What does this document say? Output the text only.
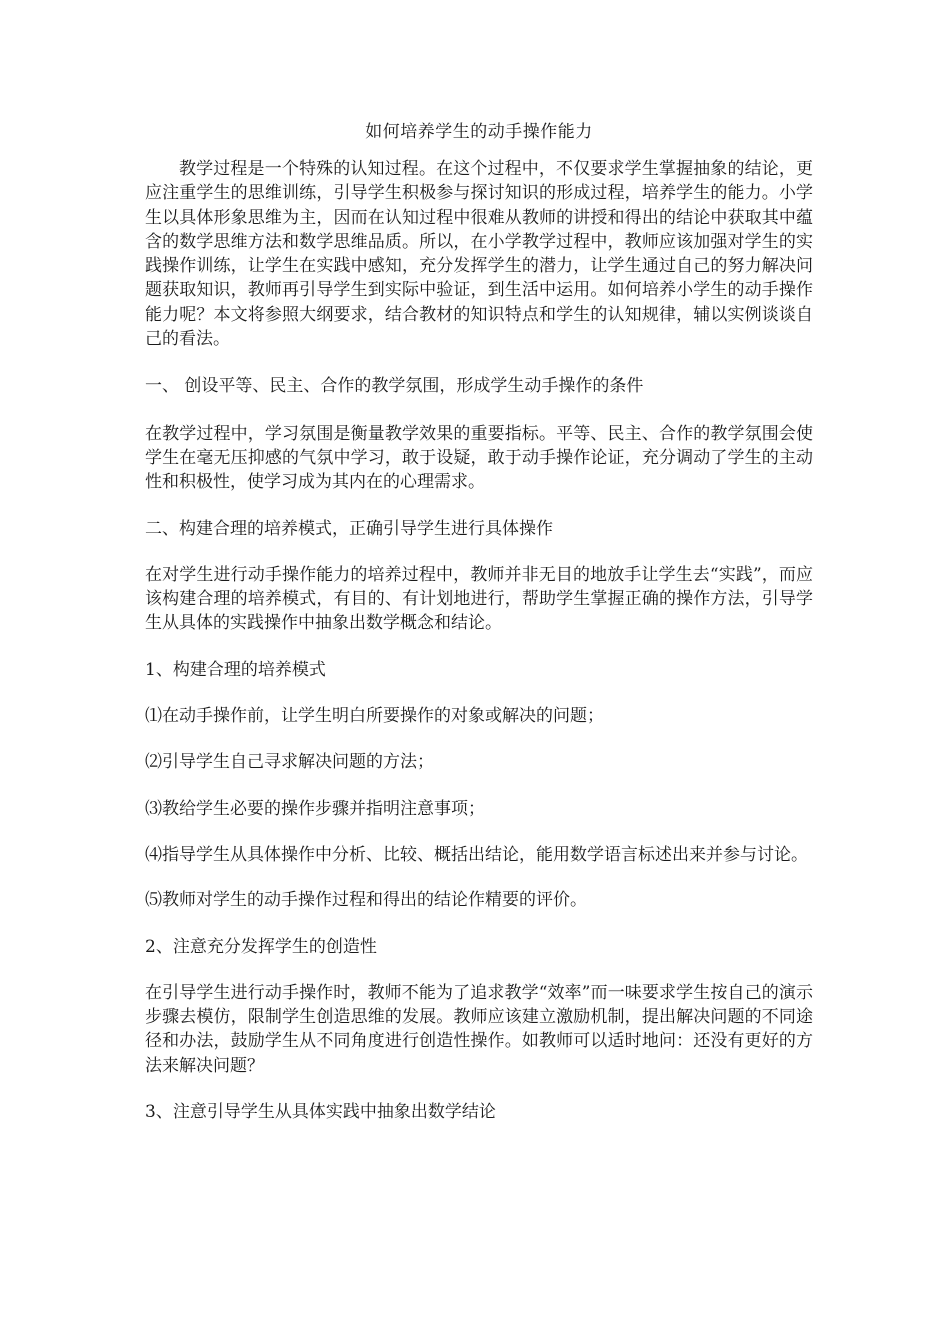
如何培养学生的动手操作能力

教学过程是一个特殊的认知过程。在这个过程中，不仅要求学生掌握抽象的结论，更应注重学生的思维训练，引导学生积极参与探讨知识的形成过程，培养学生的能力。小学生以具体形象思维为主，因而在认知过程中很难从教师的讲授和得出的结论中获取其中蕴含的数学思维方法和数学思维品质。所以，在小学教学过程中，教师应该加强对学生的实践操作训练，让学生在实践中感知，充分发挥学生的潜力，让学生通过自己的努力解决问题获取知识，教师再引导学生到实际中验证，到生活中运用。如何培养小学生的动手操作能力呢？本文将参照大纲要求，结合教材的知识特点和学生的认知规律，辅以实例谈谈自己的看法。

一、 创设平等、民主、合作的教学氛围，形成学生动手操作的条件

在教学过程中，学习氛围是衡量教学效果的重要指标。平等、民主、合作的教学氛围会使学生在毫无压抑感的气氛中学习，敢于设疑，敢于动手操作论证，充分调动了学生的主动性和积极性，使学习成为其内在的心理需求。

二、构建合理的培养模式，正确引导学生进行具体操作

在对学生进行动手操作能力的培养过程中，教师并非无目的地放手让学生去“实践”，而应该构建合理的培养模式，有目的、有计划地进行，帮助学生掌握正确的操作方法，引导学生从具体的实践操作中抽象出数学概念和结论。

1、构建合理的培养模式

⑴在动手操作前，让学生明白所要操作的对象或解决的问题；

⑵引导学生自己寻求解决问题的方法；

⑶教给学生必要的操作步骤并指明注意事项；

⑷指导学生从具体操作中分析、比较、概括出结论，能用数学语言标述出来并参与讨论。

⑸教师对学生的动手操作过程和得出的结论作精要的评价。

2、注意充分发挥学生的创造性

在引导学生进行动手操作时，教师不能为了追求教学“效率”而一味要求学生按自己的演示步骤去模仿，限制学生创造思维的发展。教师应该建立激励机制，提出解决问题的不同途径和办法，鼓励学生从不同角度进行创造性操作。如教师可以适时地问：还没有更好的方法来解决问题？

3、注意引导学生从具体实践中抽象出数学结论
